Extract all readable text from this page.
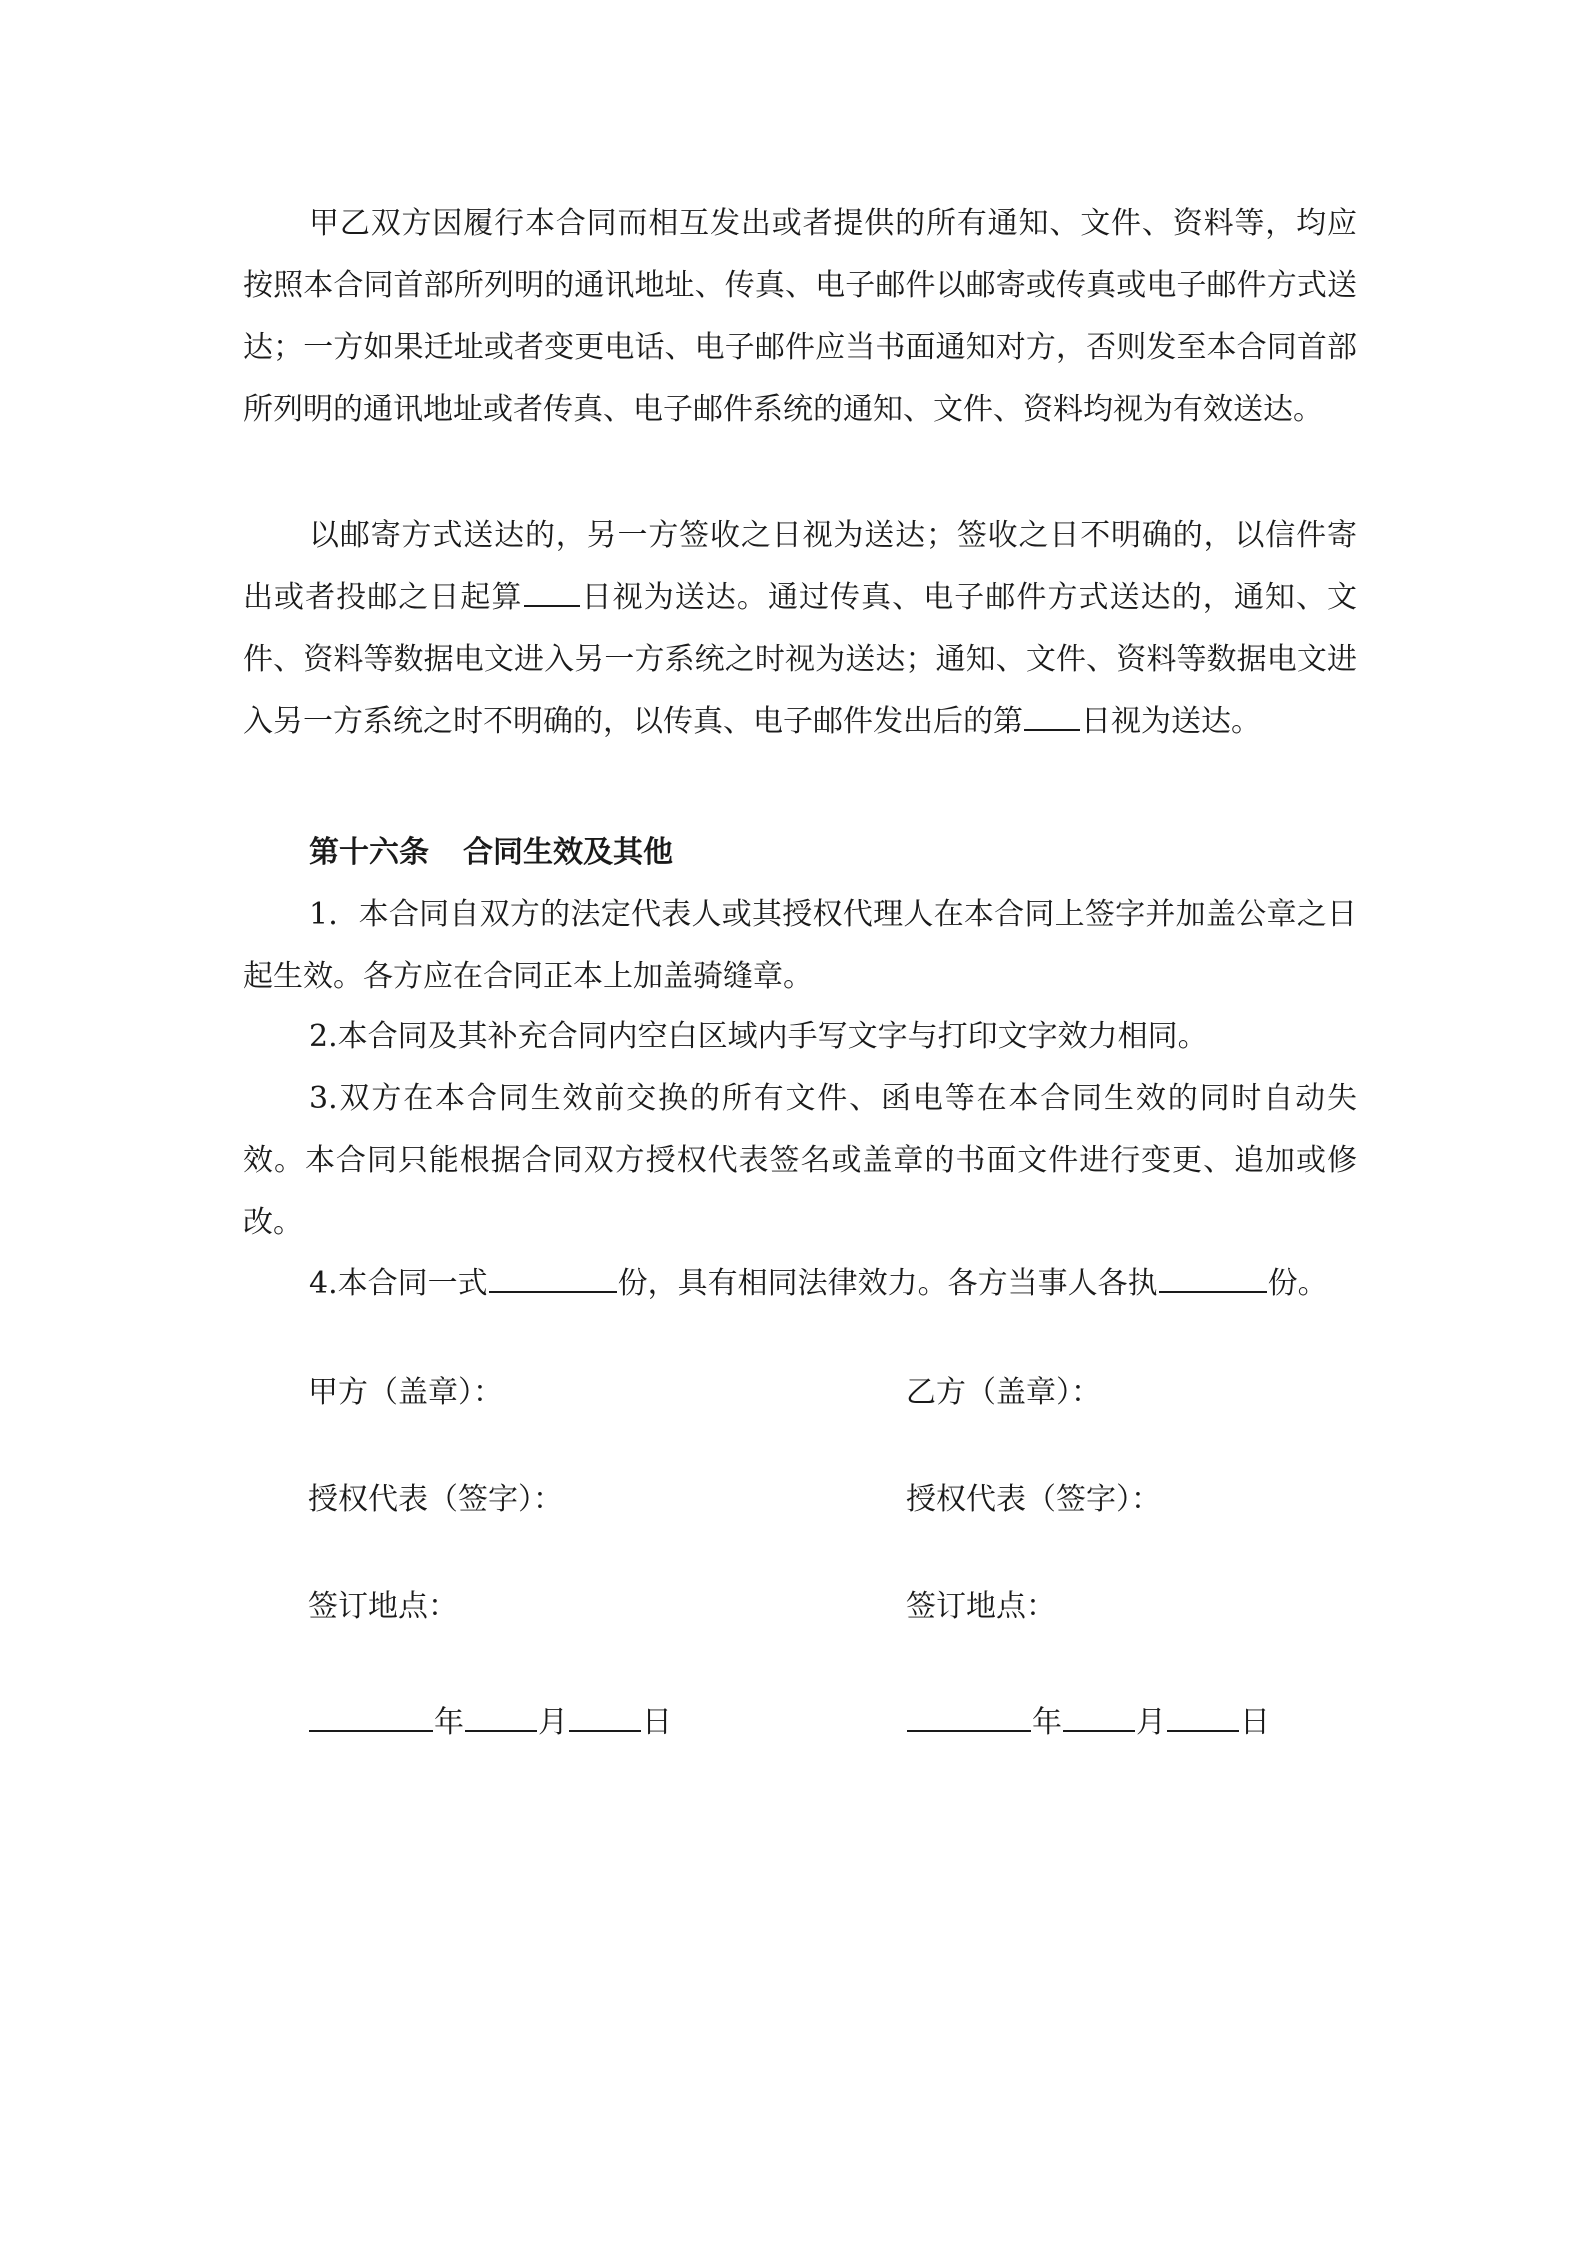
甲乙双方因履行本合同而相互发出或者提供的所有通知、文件、资料等，均应按照本合同首部所列明的通讯地址、传真、电子邮件以邮寄或传真或电子邮件方式送达；一方如果迁址或者变更电话、电子邮件应当书面通知对方，否则发至本合同首部所列明的通讯地址或者传真、电子邮件系统的通知、文件、资料均视为有效送达。

以邮寄方式送达的，另一方签收之日视为送达；签收之日不明确的，以信件寄出或者投邮之日起算 日视为送达。通过传真、电子邮件方式送达的，通知、文件、资料等数据电文进入另一方系统之时视为送达；通知、文件、资料等数据电文进入另一方系统之时不明确的，以传真、电子邮件发出后的第 日视为送达。

第十六条 合同生效及其他

1．本合同自双方的法定代表人或其授权代理人在本合同上签字并加盖公章之日起生效。各方应在合同正本上加盖骑缝章。

2.本合同及其补充合同内空白区域内手写文字与打印文字效力相同。

3.双方在本合同生效前交换的所有文件、函电等在本合同生效的同时自动失效。本合同只能根据合同双方授权代表签名或盖章的书面文件进行变更、追加或修改。

4.本合同一式	份，具有相同法律效力。各方当事人各执	份。

甲方（盖章）：
授权代表（签字）：
签订地点：
年 月 日
乙方（盖章）：
授权代表（签字）：
签订地点：
年 月 日
